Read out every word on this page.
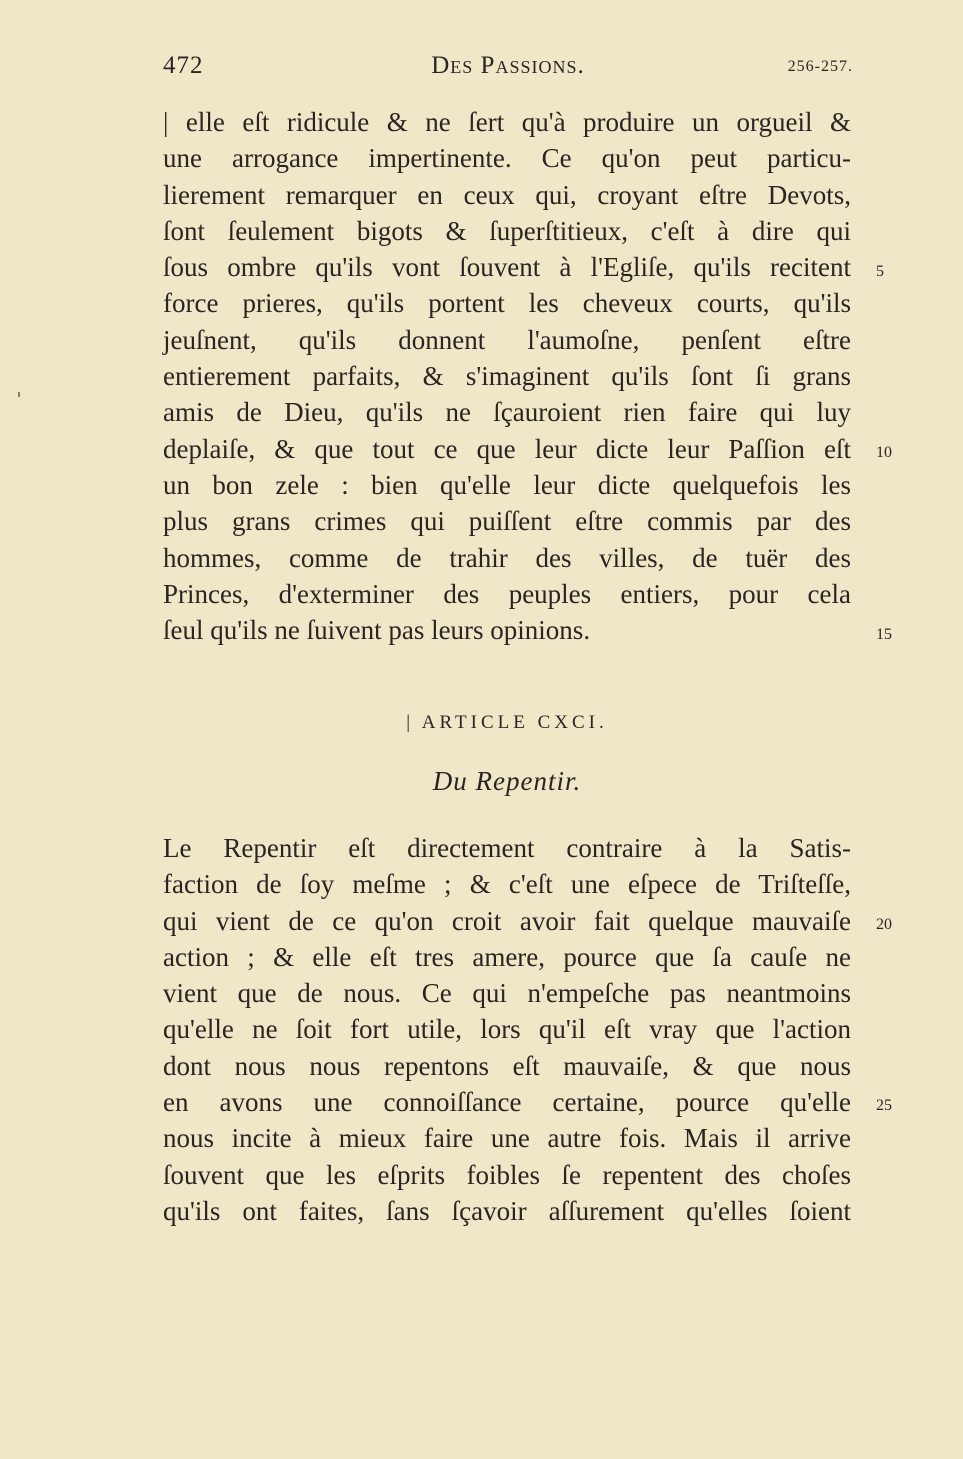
472	Des Passions.	256-257.
| elle eſt ridicule & ne ſert qu'à produire un orgueil &
une arrogance impertinente. Ce qu'on peut particu-
lierement remarquer en ceux qui, croyant eſtre Devots,
ſont ſeulement bigots & ſuperſtitieux, c'eſt à dire qui
ſous ombre qu'ils vont ſouvent à l'Egliſe, qu'ils recitent
force prieres, qu'ils portent les cheveux courts, qu'ils
jeuſnent, qu'ils donnent l'aumoſne, penſent eſtre
entierement parfaits, & s'imaginent qu'ils ſont ſi grans
amis de Dieu, qu'ils ne ſçauroient rien faire qui luy
deplaiſe, & que tout ce que leur dicte leur Paſſion eſt
un bon zele : bien qu'elle leur dicte quelquefois les
plus grans crimes qui puiſſent eſtre commis par des
hommes, comme de trahir des villes, de tuër des
Princes, d'exterminer des peuples entiers, pour cela
ſeul qu'ils ne ſuivent pas leurs opinions.
5
10
15
| ARTICLE CXCI.
Du Repentir.
Le Repentir eſt directement contraire à la Satis-
faction de ſoy meſme ; & c'eſt une eſpece de Triſteſſe,
qui vient de ce qu'on croit avoir fait quelque mauvaiſe
action ; & elle eſt tres amere, pource que ſa cauſe ne
vient que de nous. Ce qui n'empeſche pas neantmoins
qu'elle ne ſoit fort utile, lors qu'il eſt vray que l'action
dont nous nous repentons eſt mauvaiſe, & que nous
en avons une connoiſſance certaine, pource qu'elle
nous incite à mieux faire une autre fois. Mais il arrive
ſouvent que les eſprits foibles ſe repentent des choſes
qu'ils ont faites, ſans ſçavoir aſſurement qu'elles ſoient
20
25
